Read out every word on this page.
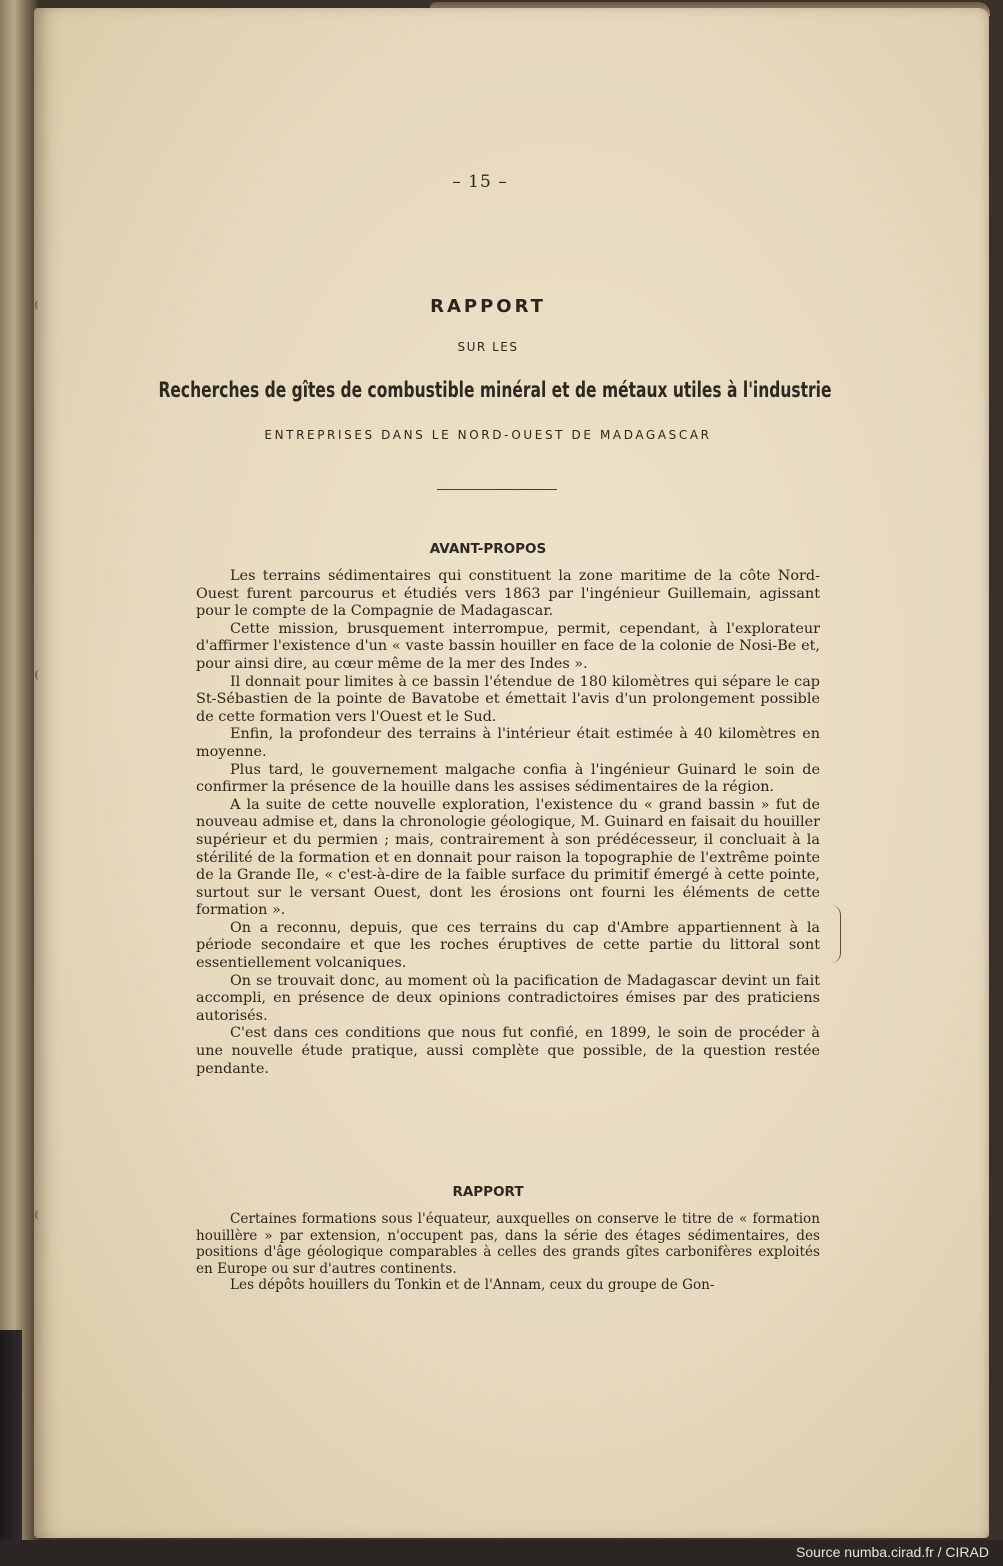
– 15 –
RAPPORT
SUR LES
Recherches de gîtes de combustible minéral et de métaux utiles à l'industrie
ENTREPRISES DANS LE NORD-OUEST DE MADAGASCAR
AVANT-PROPOS

Les terrains sédimentaires qui constituent la zone maritime de la côte Nord-Ouest furent parcourus et étudiés vers 1863 par l'ingénieur Guillemain, agissant pour le compte de la Compagnie de Madagascar.

Cette mission, brusquement interrompue, permit, cependant, à l'explorateur d'affirmer l'existence d'un « vaste bassin houiller en face de la colonie de Nosi-Be et, pour ainsi dire, au cœur même de la mer des Indes ».

Il donnait pour limites à ce bassin l'étendue de 180 kilomètres qui sépare le cap St-Sébastien de la pointe de Bavatobe et émettait l'avis d'un prolongement possible de cette formation vers l'Ouest et le Sud.

Enfin, la profondeur des terrains à l'intérieur était estimée à 40 kilomètres en moyenne.

Plus tard, le gouvernement malgache confia à l'ingénieur Guinard le soin de confirmer la présence de la houille dans les assises sédimentaires de la région.

A la suite de cette nouvelle exploration, l'existence du « grand bassin » fut de nouveau admise et, dans la chronologie géologique, M. Guinard en faisait du houiller supérieur et du permien ; mais, contrairement à son prédécesseur, il concluait à la stérilité de la formation et en donnait pour raison la topographie de l'extrême pointe de la Grande Ile, « c'est-à-dire de la faible surface du primitif émergé à cette pointe, surtout sur le versant Ouest, dont les érosions ont fourni les éléments de cette formation ».

On a reconnu, depuis, que ces terrains du cap d'Ambre appartiennent à la période secondaire et que les roches éruptives de cette partie du littoral sont essentiellement volcaniques.

On se trouvait donc, au moment où la pacification de Madagascar devint un fait accompli, en présence de deux opinions contradictoires émises par des praticiens autorisés.

C'est dans ces conditions que nous fut confié, en 1899, le soin de procéder à une nouvelle étude pratique, aussi complète que possible, de la question restée pendante.

RAPPORT

Certaines formations sous l'équateur, auxquelles on conserve le titre de « formation houillère » par extension, n'occupent pas, dans la série des étages sédimentaires, des positions d'âge géologique comparables à celles des grands gîtes carbonifères exploités en Europe ou sur d'autres continents.

Les dépôts houillers du Tonkin et de l'Annam, ceux du groupe de Gon-

Source numba.cirad.fr / CIRAD
